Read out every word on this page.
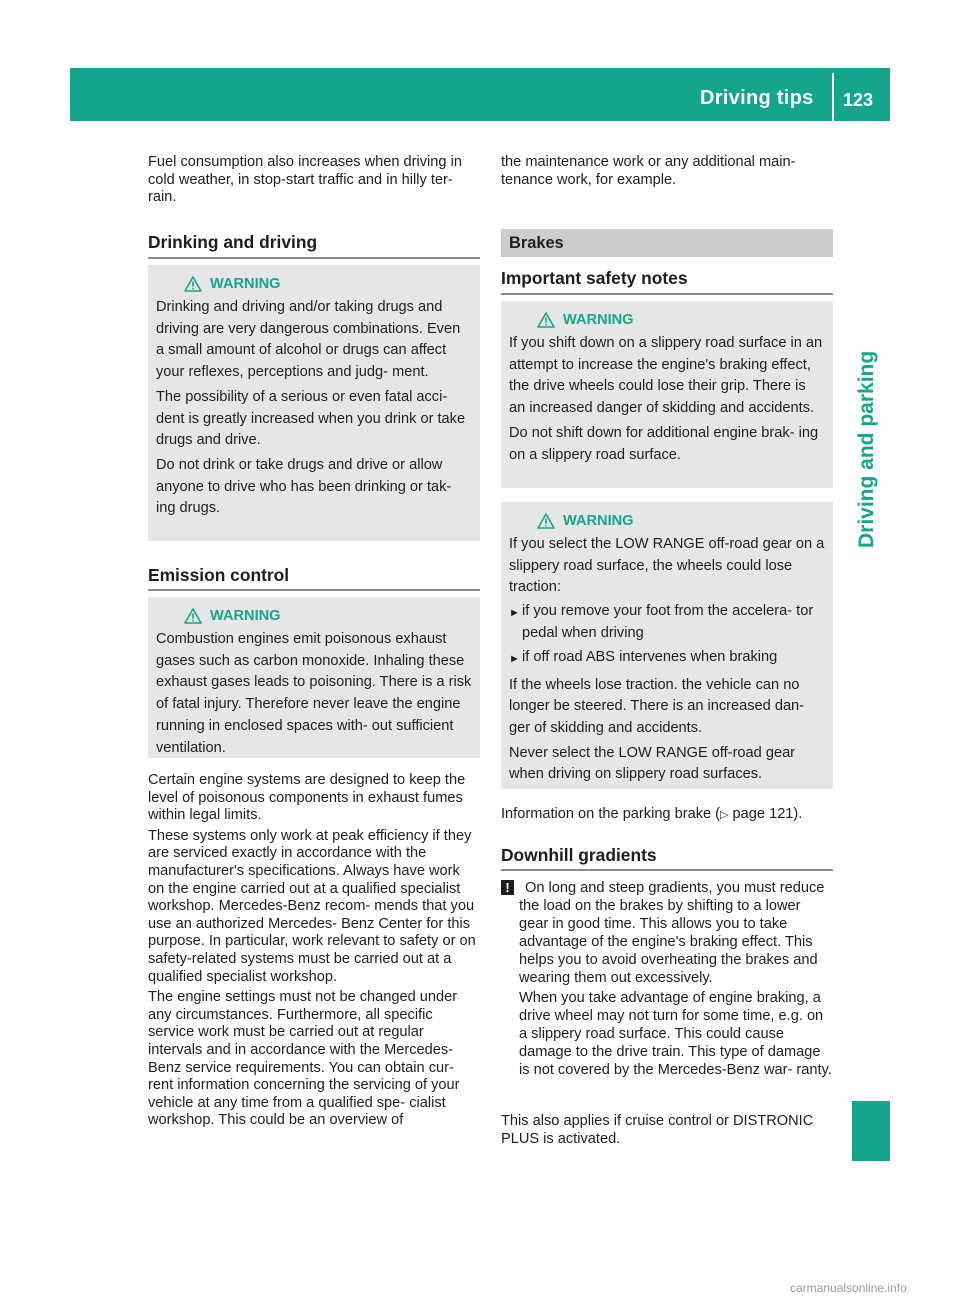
Driving tips 123
Driving and parking

Fuel consumption also increases when driving in cold weather, in stop-start traffic and in hilly ter- rain.

Drinking and driving
WARNING

Drinking and driving and/or taking drugs and driving are very dangerous combinations. Even a small amount of alcohol or drugs can affect your reflexes, perceptions and judg- ment.

The possibility of a serious or even fatal acci- dent is greatly increased when you drink or take drugs and drive.

Do not drink or take drugs and drive or allow anyone to drive who has been drinking or tak- ing drugs.

Emission control
WARNING

Combustion engines emit poisonous exhaust gases such as carbon monoxide. Inhaling these exhaust gases leads to poisoning. There is a risk of fatal injury. Therefore never leave the engine running in enclosed spaces with- out sufficient ventilation.

Certain engine systems are designed to keep the level of poisonous components in exhaust fumes within legal limits.

These systems only work at peak efficiency if they are serviced exactly in accordance with the manufacturer's specifications. Always have work on the engine carried out at a qualified specialist workshop. Mercedes-Benz recom- mends that you use an authorized Mercedes- Benz Center for this purpose. In particular, work relevant to safety or on safety-related systems must be carried out at a qualified specialist workshop.

The engine settings must not be changed under any circumstances. Furthermore, all specific service work must be carried out at regular intervals and in accordance with the Mercedes- Benz service requirements. You can obtain cur- rent information concerning the servicing of your vehicle at any time from a qualified spe- cialist workshop. This could be an overview of

the maintenance work or any additional main- tenance work, for example.

Brakes
Important safety notes
WARNING

If you shift down on a slippery road surface in an attempt to increase the engine's braking effect, the drive wheels could lose their grip. There is an increased danger of skidding and accidents.

Do not shift down for additional engine brak- ing on a slippery road surface.

WARNING

If you select the LOW RANGE off-road gear on a slippery road surface, the wheels could lose traction:

► if you remove your foot from the accelera- tor pedal when driving
► if off road ABS intervenes when braking

If the wheels lose traction. the vehicle can no longer be steered. There is an increased dan- ger of skidding and accidents.

Never select the LOW RANGE off-road gear when driving on slippery road surfaces.

Information on the parking brake (▷ page 121).

Downhill gradients

! On long and steep gradients, you must reduce the load on the brakes by shifting to a lower gear in good time. This allows you to take advantage of the engine's braking effect. This helps you to avoid overheating the brakes and wearing them out excessively.

When you take advantage of engine braking, a drive wheel may not turn for some time, e.g. on a slippery road surface. This could cause damage to the drive train. This type of damage is not covered by the Mercedes-Benz war- ranty.

This also applies if cruise control or DISTRONIC PLUS is activated.

carmanualsonline.info
